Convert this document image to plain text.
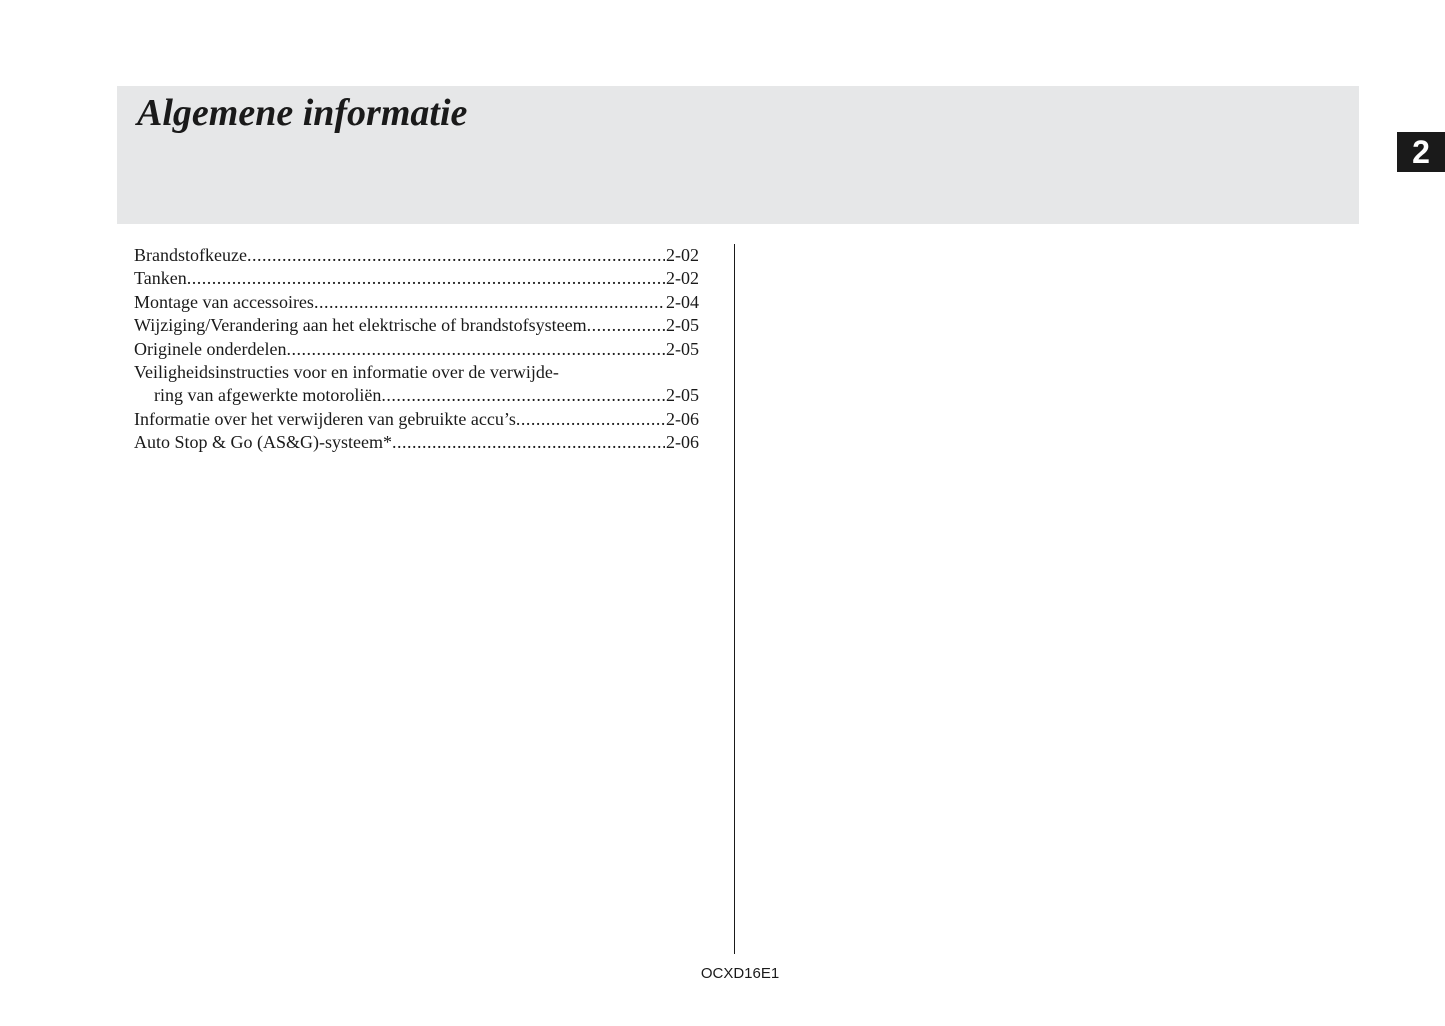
Algemene informatie
2
Brandstofkeuze .....	2-02
Tanken .....	2-02
Montage van accessoires .....	2-04
Wijziging/Verandering aan het elektrische of brandstofsysteem .....	2-05
Originele onderdelen .....	2-05
Veiligheidsinstructies voor en informatie over de verwijde-
ring van afgewerkte motoroliën .....	2-05
Informatie over het verwijderen van gebruikte accu’s .....	2-06
Auto Stop & Go (AS&G)-systeem* .....	2-06
OCXD16E1
